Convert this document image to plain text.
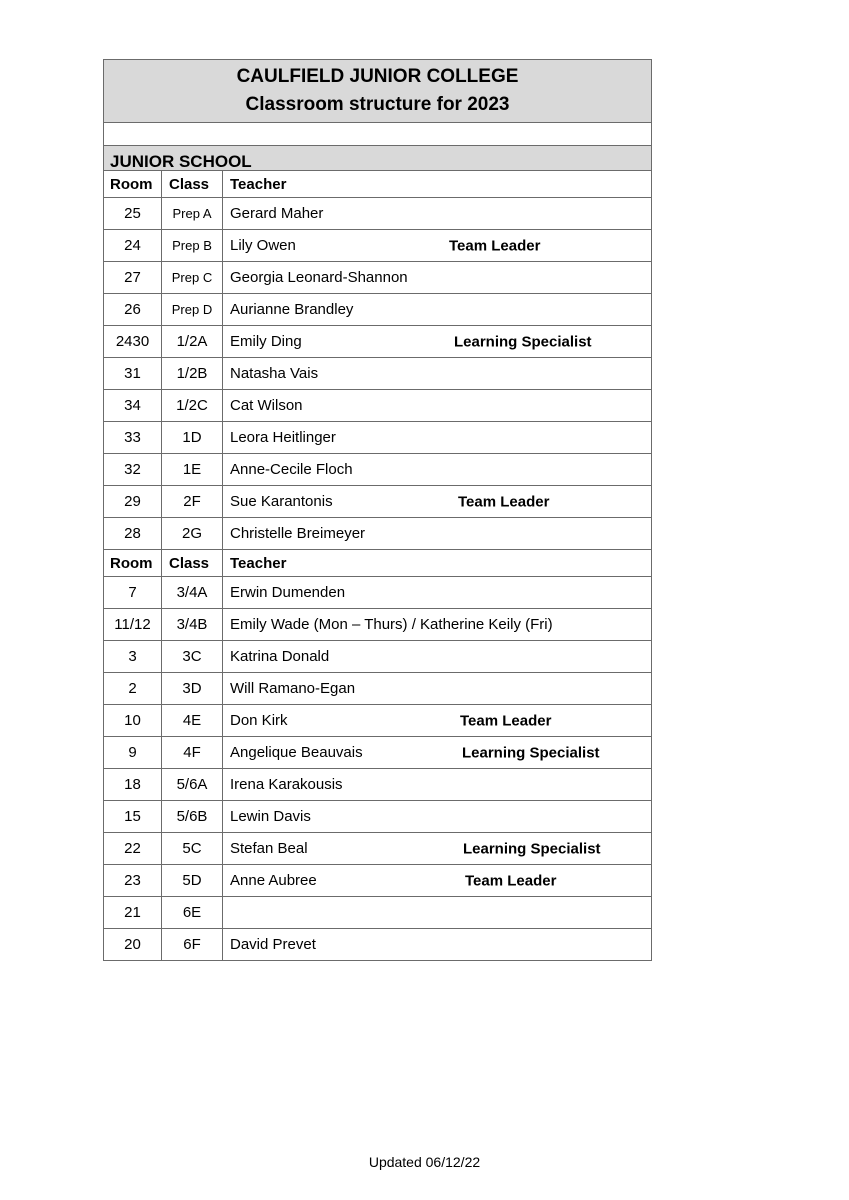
CAULFIELD JUNIOR COLLEGE
Classroom structure for 2023		

JUNIOR SCHOOL		
Room	Class	Teacher
25	Prep A	Gerard Maher
24	Prep B	Lily Owen Team Leader

27	Prep C	Georgia Leonard-Shannon
26	Prep D	Aurianne Brandley
2430	1/2A	Emily Ding Learning Specialist

31	1/2B	Natasha Vais
34	1/2C	Cat Wilson
33	1D	Leora Heitlinger
32	1E	Anne-Cecile Floch
29	2F	Sue Karantonis Team Leader

28	2G	Christelle Breimeyer
Room	Class	Teacher
7	3/4A	Erwin Dumenden
11/12	3/4B	Emily Wade (Mon – Thurs) / Katherine Keily (Fri)
3	3C	Katrina Donald
2	3D	Will Ramano-Egan
10	4E	Don Kirk Team Leader

9	4F	Angelique Beauvais Learning Specialist

18	5/6A	Irena Karakousis
15	5/6B	Lewin Davis
22	5C	Stefan Beal Learning Specialist

23	5D	Anne Aubree Team Leader

21	6E	
20	6F	David Prevet
Updated 06/12/22
